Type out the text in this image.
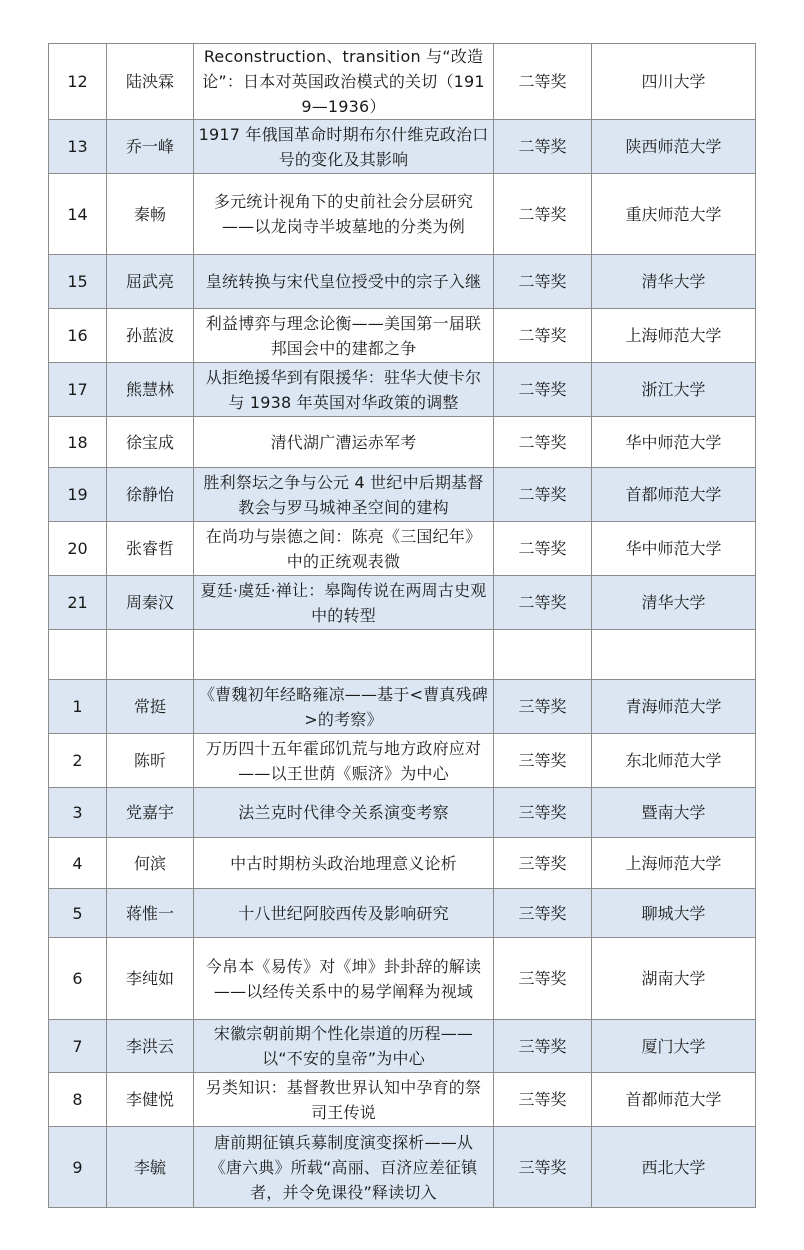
12	陆泱霖	Reconstruction、transition 与“改造论”：日本对英国政治模式的关切（1919—1936）	二等奖	四川大学
13	乔一峰	1917 年俄国革命时期布尔什维克政治口号的变化及其影响	二等奖	陕西师范大学
14	秦畅	多元统计视角下的史前社会分层研究——以龙岗寺半坡墓地的分类为例	二等奖	重庆师范大学
15	屈武亮	皇统转换与宋代皇位授受中的宗子入继	二等奖	清华大学
16	孙蓝波	利益博弈与理念论衡——美国第一届联邦国会中的建都之争	二等奖	上海师范大学
17	熊慧林	从拒绝援华到有限援华：驻华大使卡尔与 1938 年英国对华政策的调整	二等奖	浙江大学
18	徐宝成	清代湖广漕运赤军考	二等奖	华中师范大学
19	徐静怡	胜利祭坛之争与公元 4 世纪中后期基督教会与罗马城神圣空间的建构	二等奖	首都师范大学
20	张睿哲	在尚功与崇德之间：陈亮《三国纪年》中的正统观表微	二等奖	华中师范大学
21	周秦汉	夏廷·虞廷·禅让：皋陶传说在两周古史观中的转型	二等奖	清华大学

1	常挺	《曹魏初年经略雍凉——基于<曹真残碑>的考察》	三等奖	青海师范大学
2	陈昕	万历四十五年霍邱饥荒与地方政府应对——以王世荫《赈济》为中心	三等奖	东北师范大学
3	党嘉宇	法兰克时代律令关系演变考察	三等奖	暨南大学
4	何滨	中古时期枋头政治地理意义论析	三等奖	上海师范大学
5	蒋惟一	十八世纪阿胶西传及影响研究	三等奖	聊城大学
6	李纯如	今帛本《易传》对《坤》卦卦辞的解读——以经传关系中的易学阐释为视域	三等奖	湖南大学
7	李洪云	宋徽宗朝前期个性化崇道的历程——以“不安的皇帝”为中心	三等奖	厦门大学
8	李健悦	另类知识：基督教世界认知中孕育的祭司王传说	三等奖	首都师范大学
9	李毓	唐前期征镇兵募制度演变探析——从《唐六典》所载“高丽、百济应差征镇者，并令免课役”释读切入	三等奖	西北大学
